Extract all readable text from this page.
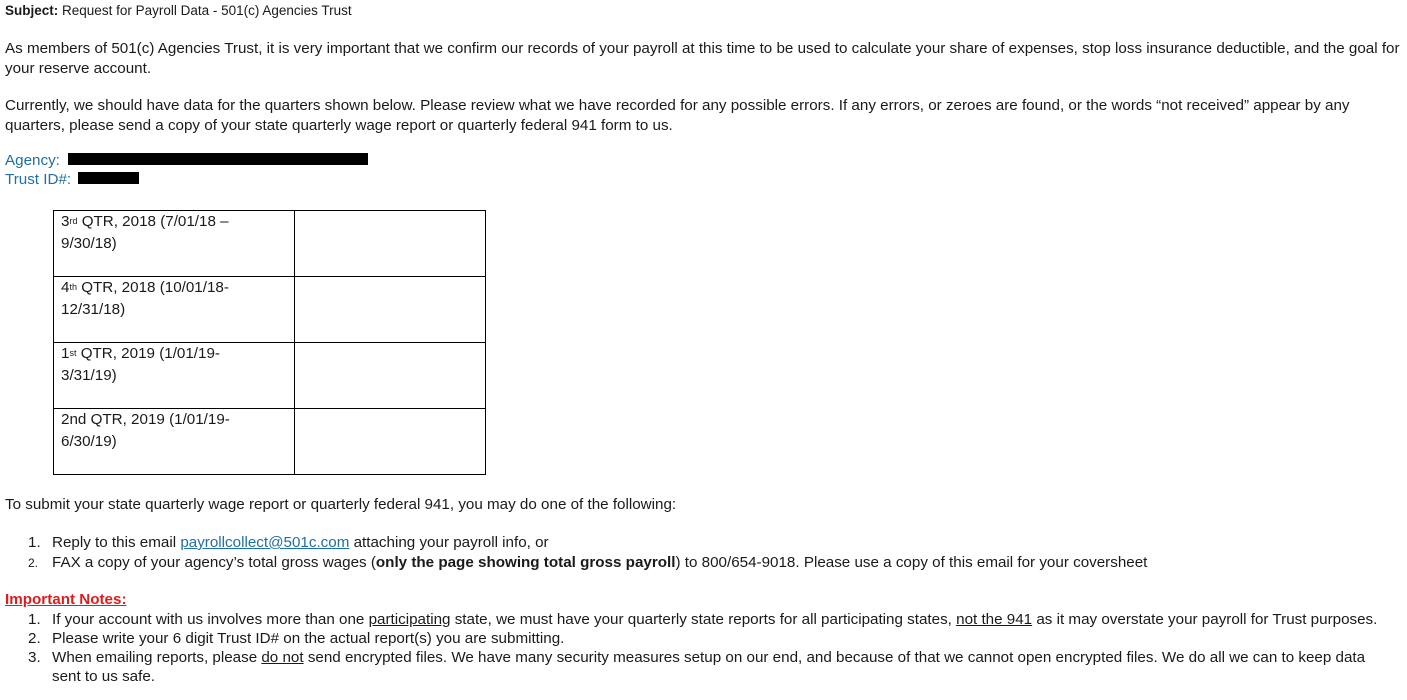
Subject: Request for Payroll Data - 501(c) Agencies Trust
As members of 501(c) Agencies Trust, it is very important that we confirm our records of your payroll at this time to be used to calculate your share of expenses, stop loss insurance deductible, and the goal for your reserve account.
Currently, we should have data for the quarters shown below. Please review what we have recorded for any possible errors. If any errors, or zeroes are found, or the words “not received” appear by any quarters, please send a copy of your state quarterly wage report or quarterly federal 941 form to us.
Agency:
Trust ID#:
3rd QTR, 2018 (7/01/18 –
9/30/18)	
4th QTR, 2018 (10/01/18-
12/31/18)	
1st QTR, 2019 (1/01/19-
3/31/19)	
2nd QTR, 2019 (1/01/19-
6/30/19)	
To submit your state quarterly wage report or quarterly federal 941, you may do one of the following:
1. Reply to this email payrollcollect@501c.com attaching your payroll info, or
2. FAX a copy of your agency’s total gross wages (only the page showing total gross payroll) to 800/654-9018. Please use a copy of this email for your coversheet
Important Notes:
1. If your account with us involves more than one participating state, we must have your quarterly state reports for all participating states, not the 941 as it may overstate your payroll for Trust purposes.
2. Please write your 6 digit Trust ID# on the actual report(s) you are submitting.
3. When emailing reports, please do not send encrypted files. We have many security measures setup on our end, and because of that we cannot open encrypted files. We do all we can to keep data sent to us safe.
